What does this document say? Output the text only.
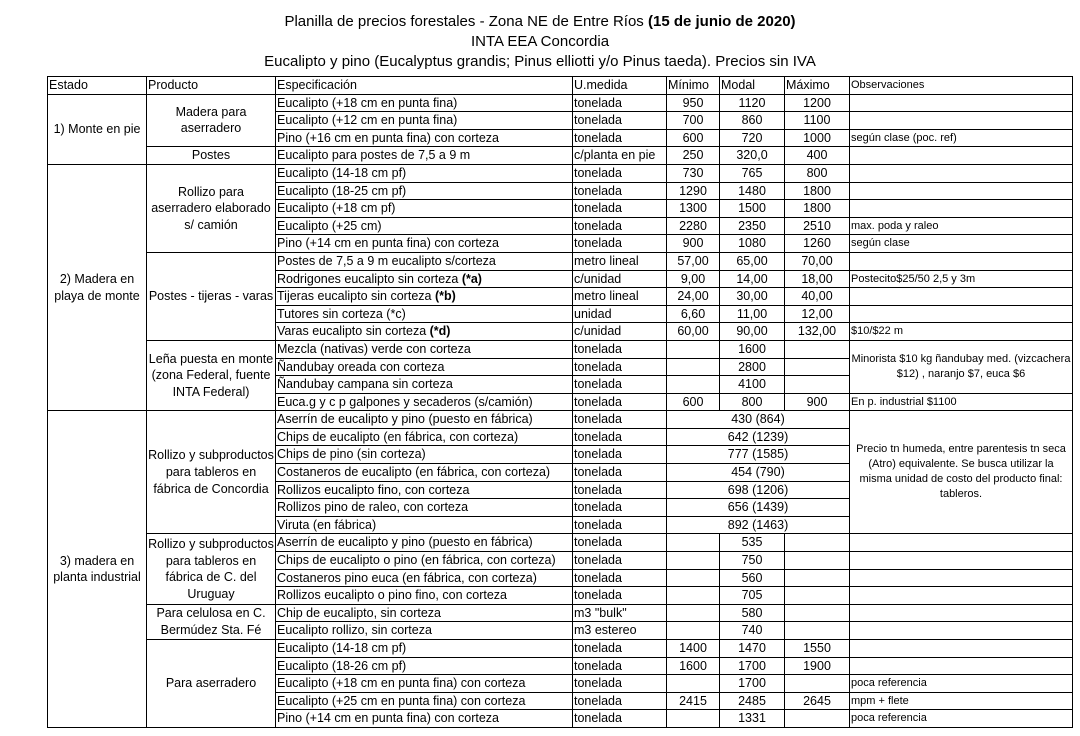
Planilla de precios forestales - Zona NE de Entre Ríos (15 de junio de 2020)
INTA EEA Concordia
Eucalipto y pino (Eucalyptus grandis; Pinus elliotti y/o Pinus taeda). Precios sin IVA
Estado	Producto	Especificación	U.medida	Mínimo	Modal	Máximo	Observaciones
1) Monte en pie	Madera para aserradero	Eucalipto (+18 cm en punta fina)	tonelada	950	1120	1200	
		Eucalipto (+12 cm en punta fina)	tonelada	700	860	1100	
		Pino (+16 cm en punta fina) con corteza	tonelada	600	720	1000	según clase (poc. ref)
	Postes	Eucalipto para postes de 7,5 a 9 m	c/planta en pie	250	320,0	400	
2) Madera en playa de monte	Rollizo para aserradero elaborado s/ camión	Eucalipto (14-18 cm pf)	tonelada	730	765	800	
		Eucalipto (18-25 cm pf)	tonelada	1290	1480	1800	
		Eucalipto (+18 cm pf)	tonelada	1300	1500	1800	
		Eucalipto (+25 cm)	tonelada	2280	2350	2510	max. poda y raleo
		Pino (+14 cm en punta fina) con corteza	tonelada	900	1080	1260	según clase
	Postes - tijeras - varas	Postes de 7,5 a 9 m eucalipto s/corteza	metro lineal	57,00	65,00	70,00	
		Rodrigones eucalipto sin corteza (*a)	c/unidad	9,00	14,00	18,00	Postecito$25/50 2,5 y 3m
		Tijeras eucalipto sin corteza (*b)	metro lineal	24,00	30,00	40,00	
		Tutores sin corteza (*c)	unidad	6,60	11,00	12,00	
		Varas eucalipto sin corteza (*d)	c/unidad	60,00	90,00	132,00	$10/$22 m
	Leña puesta en monte (zona Federal, fuente INTA Federal)	Mezcla (nativas) verde con corteza	tonelada		1600		Minorista $10 kg ñandubay med. (vizcachera $12) , naranjo $7, euca $6
		Ñandubay oreada con corteza	tonelada		2800		
		Ñandubay campana sin corteza	tonelada		4100		
		Euca.g y c p galpones y secaderos (s/camión)	tonelada	600	800	900	En p. industrial $1100
3) madera en planta industrial	Rollizo y subproductos para tableros en fábrica de Concordia	Aserrín de eucalipto y pino (puesto en fábrica)	tonelada	430 (864)			Precio tn humeda, entre parentesis tn seca (Atro) equivalente. Se busca utilizar la misma unidad de costo del producto final: tableros.
		Chips de eucalipto (en fábrica, con corteza)	tonelada	642 (1239)			
		Chips de pino (sin corteza)	tonelada	777 (1585)			
		Costaneros de eucalipto (en fábrica, con corteza)	tonelada	454 (790)			
		Rollizos eucalipto fino, con corteza	tonelada	698 (1206)			
		Rollizos pino de raleo, con corteza	tonelada	656 (1439)			
		Viruta (en fábrica)	tonelada	892 (1463)			
	Rollizo y subproductos para tableros en fábrica de C. del Uruguay	Aserrín de eucalipto y pino (puesto en fábrica)	tonelada		535		
		Chips de eucalipto o pino (en fábrica, con corteza)	tonelada		750		
		Costaneros pino euca (en fábrica, con corteza)	tonelada		560		
		Rollizos eucalipto o pino fino, con corteza	tonelada		705		
	Para celulosa en C. Bermúdez Sta. Fé	Chip de eucalipto, sin corteza	m3 "bulk"		580		
		Eucalipto rollizo, sin corteza	m3 estereo		740		
	Para aserradero	Eucalipto (14-18 cm pf)	tonelada	1400	1470	1550	
		Eucalipto (18-26 cm pf)	tonelada	1600	1700	1900	
		Eucalipto (+18 cm en punta fina) con corteza	tonelada		1700		poca referencia
		Eucalipto (+25 cm en punta fina) con corteza	tonelada	2415	2485	2645	mpm + flete
		Pino (+14 cm en punta fina) con corteza	tonelada		1331		poca referencia
